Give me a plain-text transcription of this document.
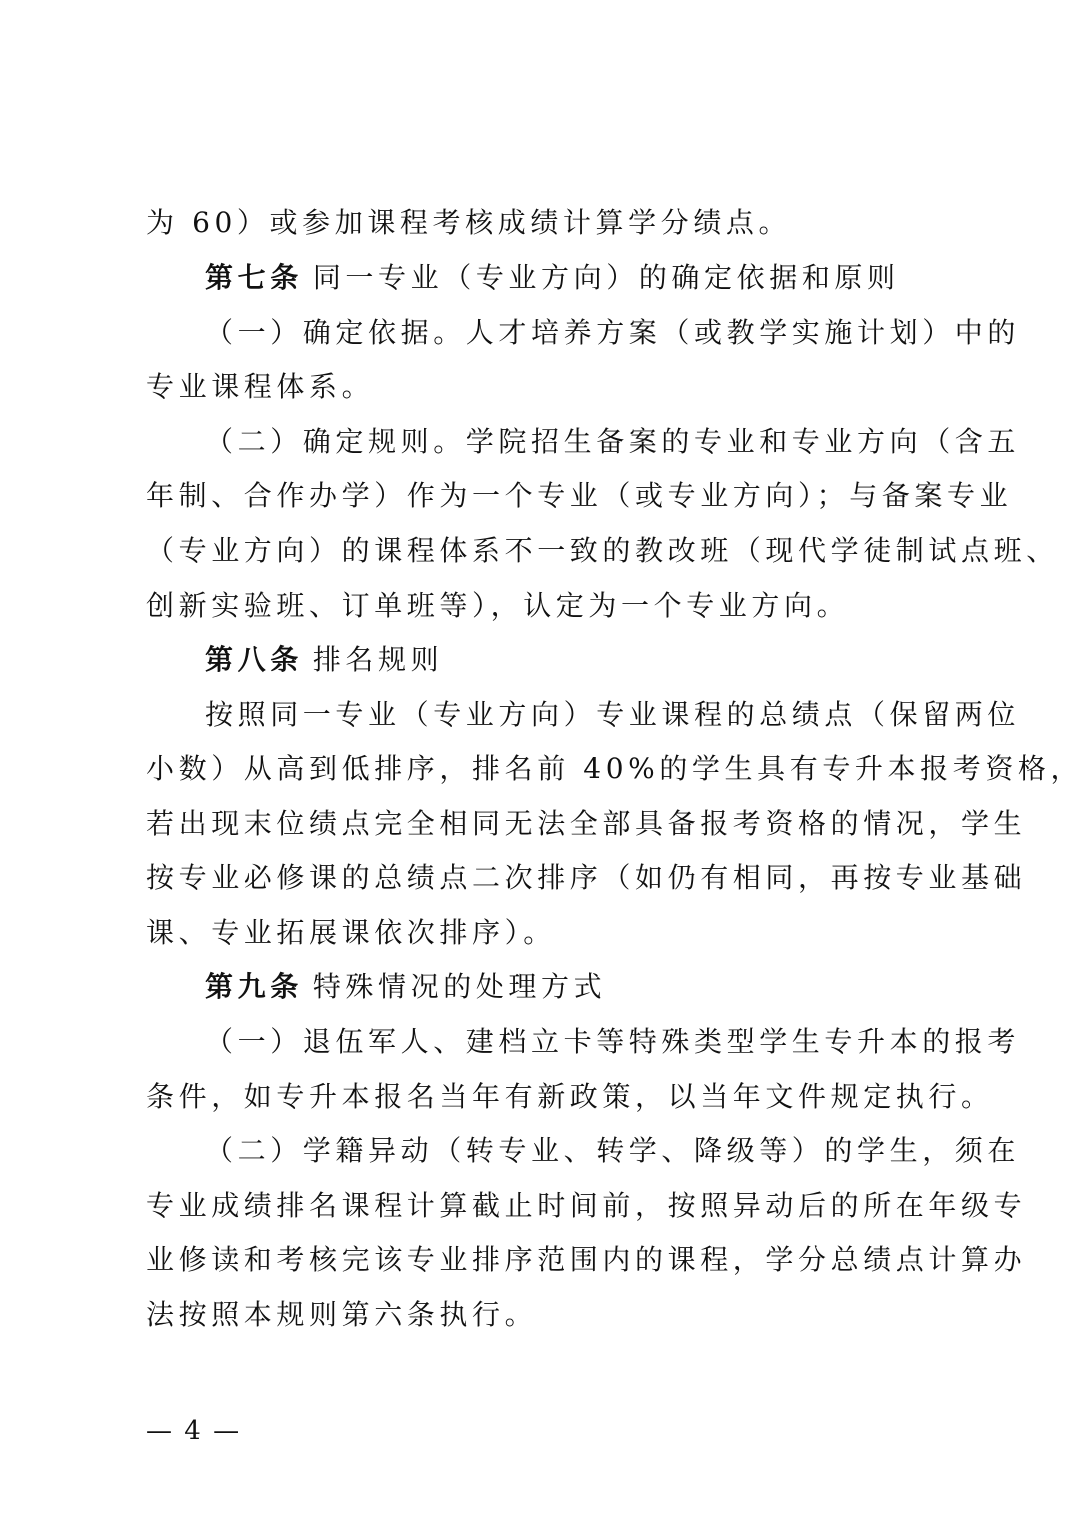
为 60）或参加课程考核成绩计算学分绩点。
第七条 同一专业（专业方向）的确定依据和原则
（一）确定依据。人才培养方案（或教学实施计划）中的
专业课程体系。
（二）确定规则。学院招生备案的专业和专业方向（含五
年制、合作办学）作为一个专业（或专业方向）；与备案专业
（专业方向）的课程体系不一致的教改班（现代学徒制试点班、
创新实验班、订单班等），认定为一个专业方向。
第八条 排名规则
按照同一专业（专业方向）专业课程的总绩点（保留两位
小数）从高到低排序，排名前 40%的学生具有专升本报考资格，
若出现末位绩点完全相同无法全部具备报考资格的情况，学生
按专业必修课的总绩点二次排序（如仍有相同，再按专业基础
课、专业拓展课依次排序）。
第九条 特殊情况的处理方式
（一）退伍军人、建档立卡等特殊类型学生专升本的报考
条件，如专升本报名当年有新政策，以当年文件规定执行。
（二）学籍异动（转专业、转学、降级等）的学生，须在
专业成绩排名课程计算截止时间前，按照异动后的所在年级专
业修读和考核完该专业排序范围内的课程，学分总绩点计算办
法按照本规则第六条执行。
— 4 —
